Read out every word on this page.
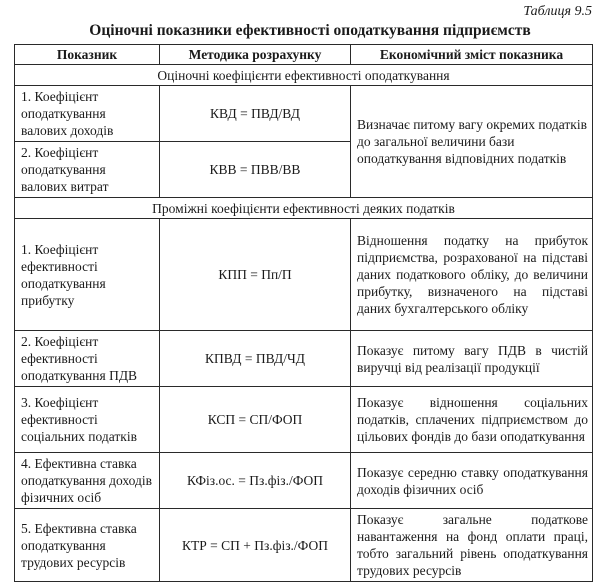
Таблиця 9.5
Оціночні показники ефективності оподаткування підприємств
Показник	Методика розрахунку	Економічний зміст показника
Оціночні коефіцієнти ефективності оподаткування		
1. Коефіцієнт оподаткування валових доходів	КВД = ПВД/ВД	Визначає питому вагу окремих податків до загальної величини бази оподаткування відповідних податків
2. Коефіцієнт оподаткування валових витрат	КВВ = ПВВ/ВВ	
Проміжні коефіцієнти ефективності деяких податків		
1. Коефіцієнт ефективності оподаткування прибутку	КПП = Пп/П	Відношення податку на прибуток підприємства, розрахованої на підставі даних податкового обліку, до величини прибутку, визначеного на підставі даних бухгалтерського обліку
2. Коефіцієнт ефективності оподаткування ПДВ	КПВД = ПВД/ЧД	Показує питому вагу ПДВ в чистій виручці від реалізації продукції
3. Коефіцієнт ефективності соціальних податків	КСП = СП/ФОП	Показує відношення соціальних податків, сплачених підприємством до цільових фондів до бази оподаткування
4. Ефективна ставка оподаткування доходів фізичних осіб	КФіз.ос. = Пз.фіз./ФОП	Показує середню ставку оподаткування доходів фізичних осіб
5. Ефективна ставка оподаткування трудових ресурсів	КТР = СП + Пз.фіз./ФОП	Показує загальне податкове навантаження на фонд оплати праці, тобто загальний рівень оподаткування трудових ресурсів
